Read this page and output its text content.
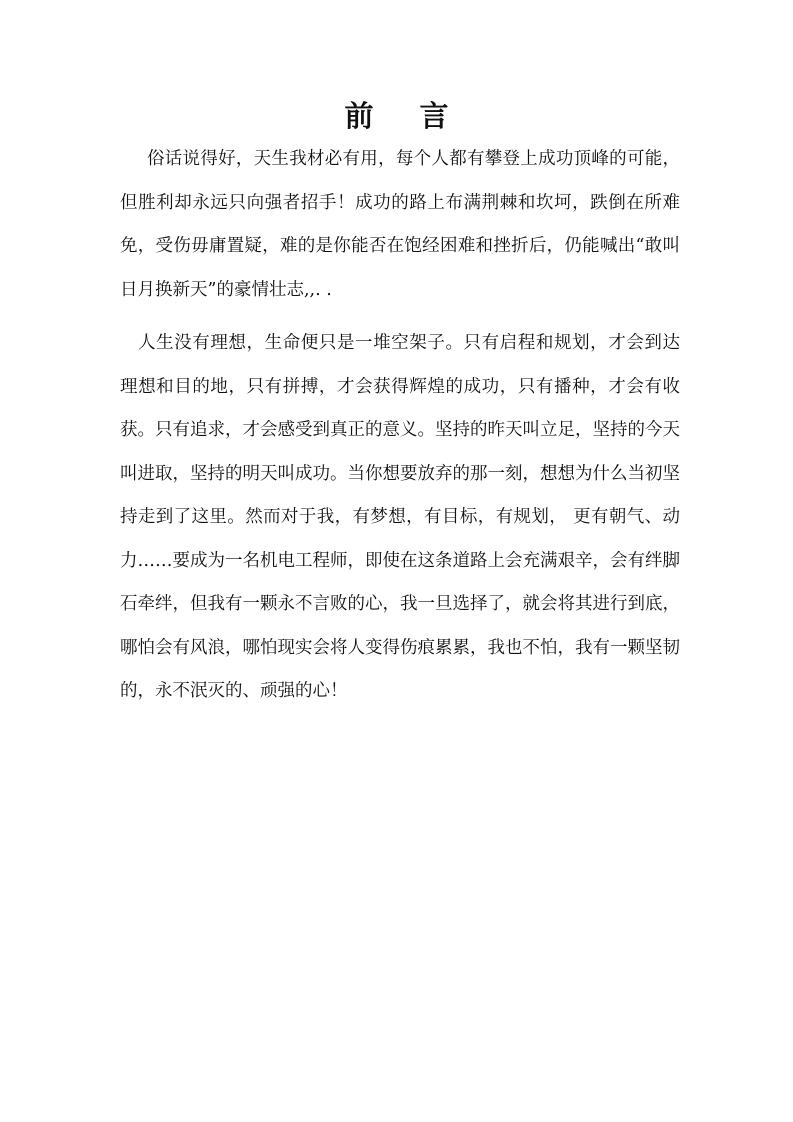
前 言

俗话说得好，天生我材必有用，每个人都有攀登上成功顶峰的可能，但胜利却永远只向强者招手！成功的路上布满荆棘和坎坷，跌倒在所难免，受伤毋庸置疑，难的是你能否在饱经困难和挫折后，仍能喊出“敢叫日月换新天”的豪情壮志,,. .

人生没有理想，生命便只是一堆空架子。只有启程和规划，才会到达理想和目的地，只有拼搏，才会获得辉煌的成功，只有播种，才会有收获。只有追求，才会感受到真正的意义。坚持的昨天叫立足，坚持的今天叫进取，坚持的明天叫成功。当你想要放弃的那一刻，想想为什么当初坚持走到了这里。然而对于我，有梦想，有目标，有规划， 更有朝气、动力……要成为一名机电工程师，即使在这条道路上会充满艰辛，会有绊脚石牵绊，但我有一颗永不言败的心，我一旦选择了，就会将其进行到底，哪怕会有风浪，哪怕现实会将人变得伤痕累累，我也不怕，我有一颗坚韧的，永不泯灭的、顽强的心！
